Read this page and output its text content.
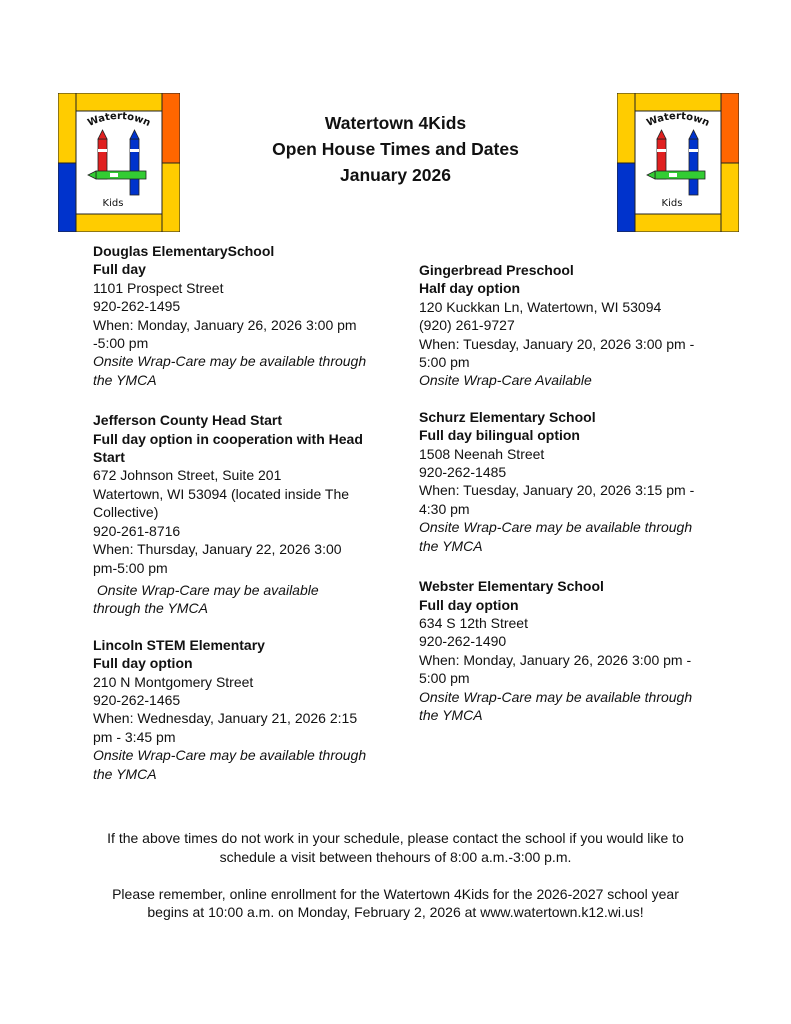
Watertown
Kids
Watertown 4Kids
Open House Times and Dates
January 2026
Watertown
Kids
Douglas ElementarySchool
Full day
1101 Prospect Street
920-262-1495
When: Monday, January 26, 2026 3:00 pm
-5:00 pm
Onsite Wrap-Care may be available through
the YMCA
Jefferson County Head Start
Full day option in cooperation with Head
Start
672 Johnson Street, Suite 201
Watertown, WI 53094 (located inside The
Collective)
920-261-8716
When: Thursday, January 22, 2026 3:00
pm-5:00 pm
Onsite Wrap-Care may be available
through the YMCA
Lincoln STEM Elementary
Full day option
210 N Montgomery Street
920-262-1465
When: Wednesday, January 21, 2026 2:15
pm - 3:45 pm
Onsite Wrap-Care may be available through
the YMCA
Gingerbread Preschool
Half day option
120 Kuckkan Ln, Watertown, WI 53094
(920) 261-9727
When: Tuesday, January 20, 2026 3:00 pm -
5:00 pm
Onsite Wrap-Care Available
Schurz Elementary School
Full day bilingual option
1508 Neenah Street
920-262-1485
When: Tuesday, January 20, 2026 3:15 pm -
4:30 pm
Onsite Wrap-Care may be available through
the YMCA
Webster Elementary School
Full day option
634 S 12th Street
920-262-1490
When: Monday, January 26, 2026 3:00 pm -
5:00 pm
Onsite Wrap-Care may be available through
the YMCA

If the above times do not work in your schedule, please contact the school if you would like to
schedule a visit between thehours of 8:00 a.m.-3:00 p.m.

Please remember, online enrollment for the Watertown 4Kids for the 2026-2027 school year
begins at 10:00 a.m. on Monday, February 2, 2026 at www.watertown.k12.wi.us!
